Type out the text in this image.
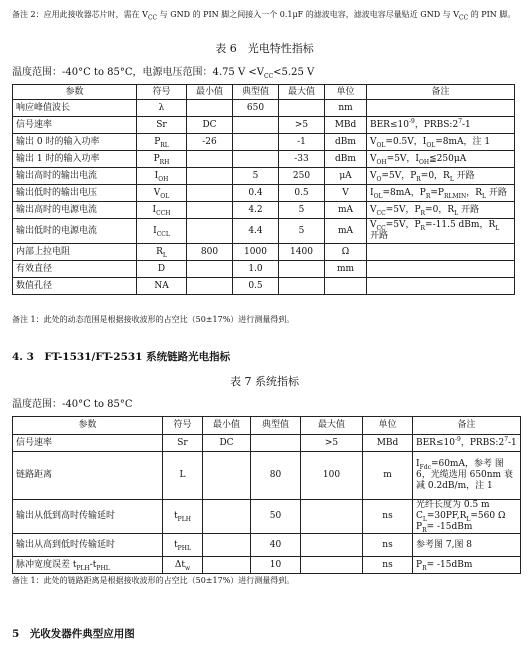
备注 2：应用此接收器芯片时，需在 $V_{CC}$ 与 GND 的 PIN 脚之间接入一个 0.1μF 的滤波电容，滤波电容尽量贴近 GND 与 $V_{CC}$ 的 PIN 脚。

表 6　光电特性指标
温度范围：-40°C to 85°C，电源电压范围：4.75 $V <V_{CC}<5.25$ V
参数	符号	最小值	典型值	最大值	单位	备注
响应峰值波长	λ		650		nm	
信号速率	Sr	DC		>5	MBd	$BER\le 10^{-9}$，$PRBS:2^7-1$
输出 0 时的输入功率	$P_{RL}$	-26		-1	dBm	$V_{OL}=0.5V$，$I_{OL}=8mA$，注 1
输出 1 时的输入功率	$P_{RH}$			-33	dBm	$V_{OH}=5V$，$I_{OH}≦250\mu A$
输出高时的输出电流	$I_{OH}$		5	250	μA	$V_O=5V$，$P_R=0$，$R_L$ 开路
输出低时的输出电压	$V_{OL}$		0.4	0.5	V	$I_{OL}=8mA$，$P_R=P_{RLMIN}$，$R_L$ 开路
输出高时的电源电流	$I_{CCH}$		4.2	5	mA	$V_{CC}=5V$，$P_R=0$，$R_L$ 开路
输出低时的电源电流	$I_{CCL}$		4.4	5	mA	$V_{CC}=5V$，$P_R=-11.5$ dBm，$R_L$ 开路
内部上拉电阻	$R_L$	800	1000	1400	Ω	
有效直径	D		1.0		mm	
数值孔径	NA		0.5			

备注 1：此处的动态范围是根据接收波形的占空比（50±17%）进行测量得到。

4. 3　FT-1531/FT-2531 系统链路光电指标
表 7 系统指标
温度范围：-40°C to 85°C
参数	符号	最小值	典型值	最大值	单位	备注
信号速率	Sr	DC		>5	MBd	$BER\le 10^{-9}$，$PRBS:2^7-1$
链路距离	L		80	100	m	$I_{Fdc}=60mA$，参考 图 6，光缆选用 650nm 衰减 0.2dB/m，注 1
输出从低到高时传输延时	$t_{PLH}$		50		ns	光纤长度为 0.5 m
$C_L=30PF,R_L=560$ Ω
$P_R= -15dBm$
输出从高到低时传输延时	$t_{PHL}$		40		ns	参考图 7,图 8
脉冲宽度误差 $t_{PLH}-t_{PHL}$	$\Delta t_w$		10		ns	$P_R= -15dBm$

备注 1：此处的链路距离是根据接收波形的占空比（50±17%）进行测量得到。

5　光收发器件典型应用图
